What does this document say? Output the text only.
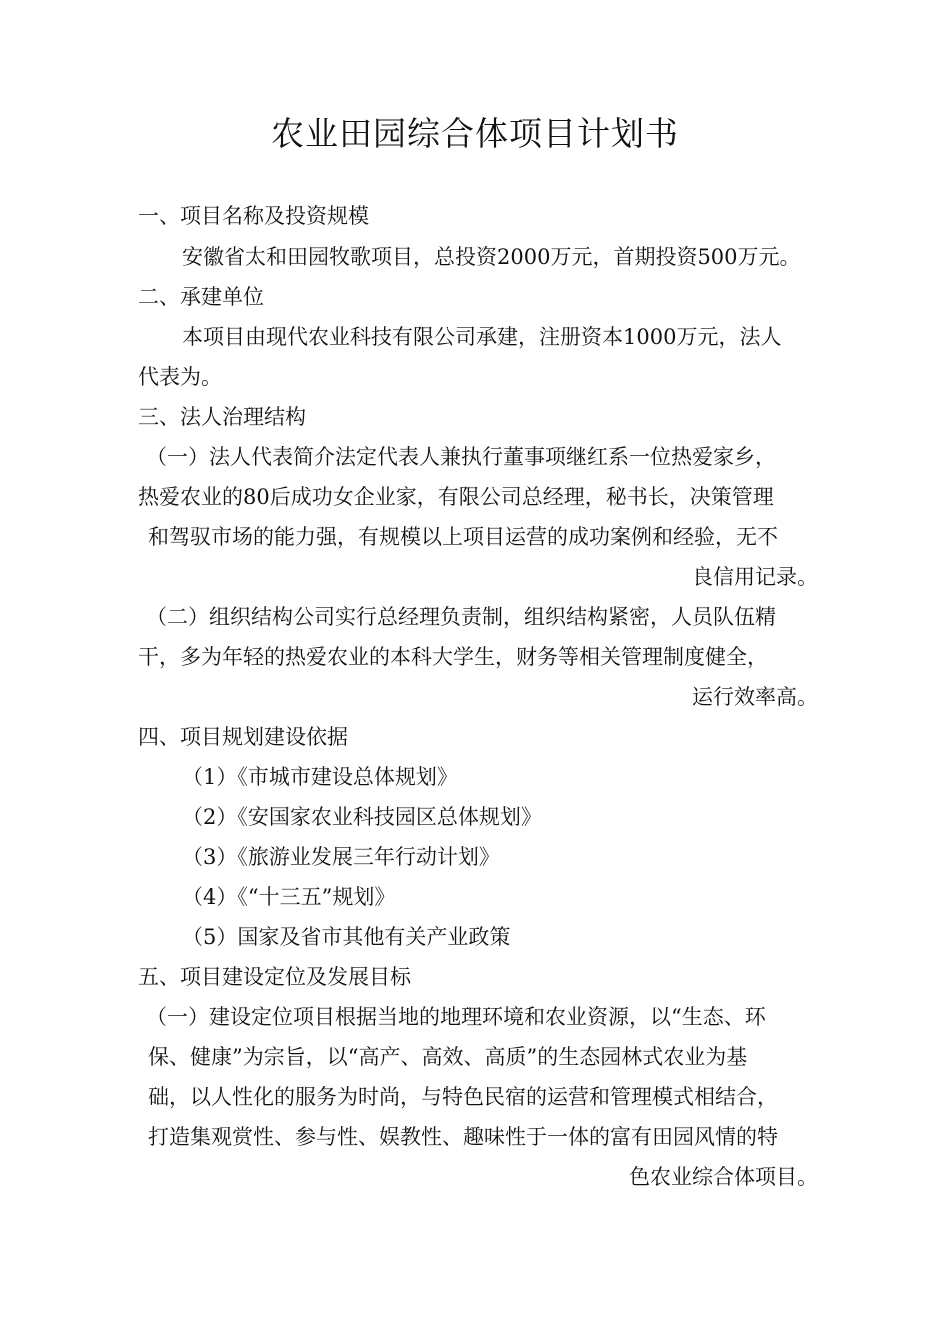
农业田园综合体项目计划书
一、项目名称及投资规模
安徽省太和田园牧歌项目，总投资2000万元，首期投资500万元。
二、承建单位
本项目由现代农业科技有限公司承建，注册资本1000万元，法人
代表为。
三、法人治理结构
（一）法人代表简介法定代表人兼执行董事项继红系一位热爱家乡，
热爱农业的80后成功女企业家，有限公司总经理，秘书长，决策管理
和驾驭市场的能力强，有规模以上项目运营的成功案例和经验，无不
良信用记录。
（二）组织结构公司实行总经理负责制，组织结构紧密，人员队伍精
干，多为年轻的热爱农业的本科大学生，财务等相关管理制度健全，
运行效率高。
四、项目规划建设依据
（1）《市城市建设总体规划》
（2）《安国家农业科技园区总体规划》
（3）《旅游业发展三年行动计划》
（4）《“十三五”规划》
（5）国家及省市其他有关产业政策
五、项目建设定位及发展目标
（一）建设定位项目根据当地的地理环境和农业资源，以“生态、环
保、健康”为宗旨，以“高产、高效、高质”的生态园林式农业为基
础，以人性化的服务为时尚，与特色民宿的运营和管理模式相结合，
打造集观赏性、参与性、娱教性、趣味性于一体的富有田园风情的特
色农业综合体项目。
